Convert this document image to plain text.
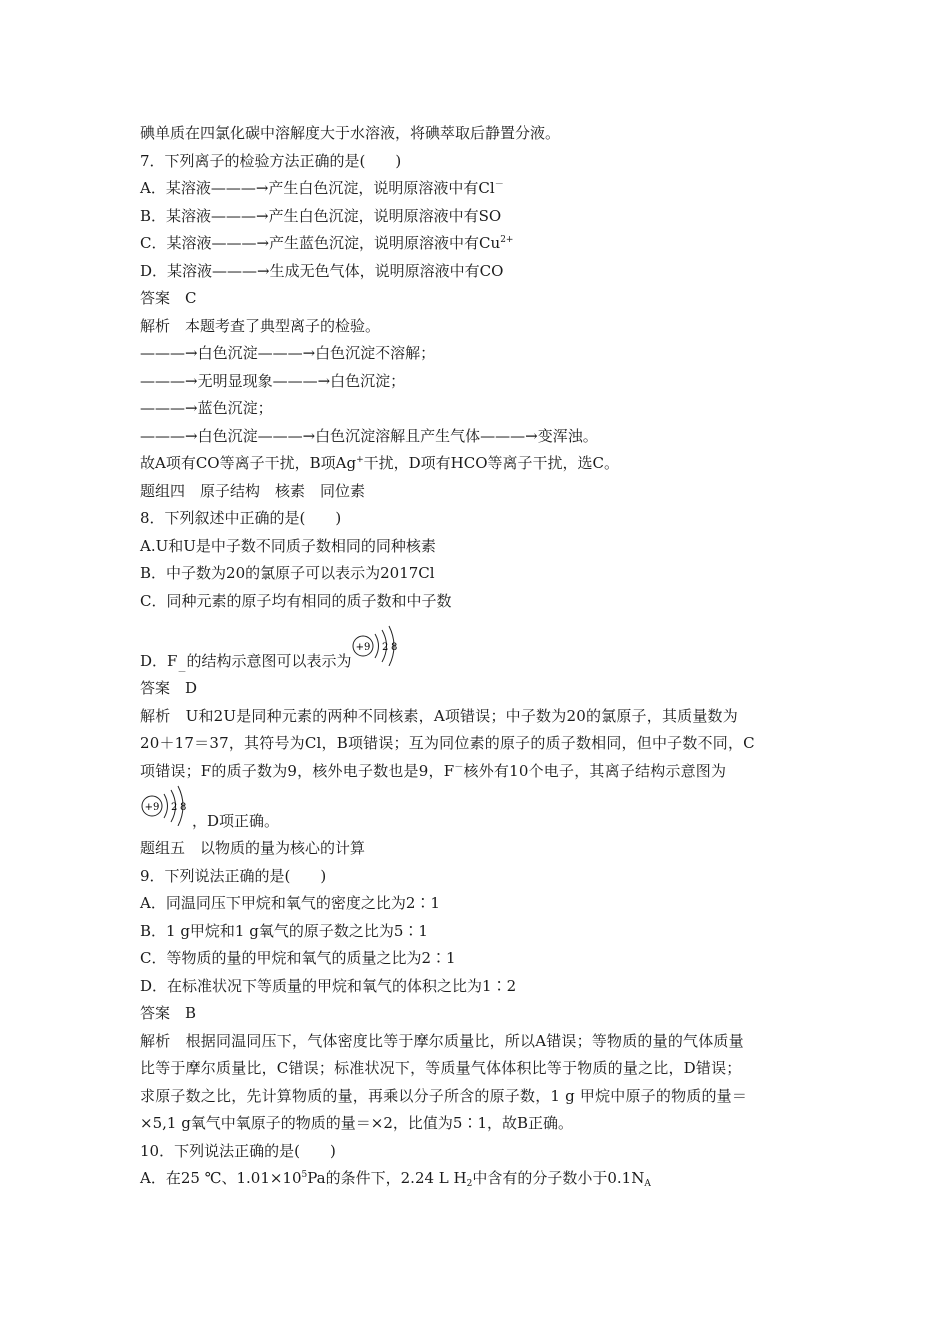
碘单质在四氯化碳中溶解度大于水溶液，将碘萃取后静置分液。
7．下列离子的检验方法正确的是(　　)
A．某溶液———→产生白色沉淀，说明原溶液中有Cl－
B．某溶液———→产生白色沉淀，说明原溶液中有SO
C．某溶液———→产生蓝色沉淀，说明原溶液中有$Cu^{2+}$
D．某溶液———→生成无色气体，说明原溶液中有CO
答案　C
解析　本题考查了典型离子的检验。
———→白色沉淀———→白色沉淀不溶解；
———→无明显现象———→白色沉淀；
———→蓝色沉淀；
———→白色沉淀———→白色沉淀溶解且产生气体———→变浑浊。
故A项有CO等离子干扰，B项Ag+干扰，D项有HCO等离子干扰，选C。
题组四　原子结构　核素　同位素
8．下列叙述中正确的是(　　)
A.U和U是中子数不同质子数相同的同种核素
B．中子数为20的氯原子可以表示为2017Cl
C．同种元素的原子均有相同的质子数和中子数
D．F
－
的结构示意图可以表示为
+9 2 8
答案　D
解析　U和2U是同种元素的两种不同核素，A项错误；中子数为20的氯原子，其质量数为
20＋17＝37，其符号为Cl，B项错误；互为同位素的原子的质子数相同，但中子数不同，C
项错误；F的质子数为9，核外电子数也是9，F－核外有10个电子，其离子结构示意图为
+9 2 8
，D项正确。
题组五　以物质的量为核心的计算
9．下列说法正确的是(　　)
A．同温同压下甲烷和氧气的密度之比为2∶1
B．1 g甲烷和1 g氧气的原子数之比为5∶1
C．等物质的量的甲烷和氧气的质量之比为2∶1
D．在标准状况下等质量的甲烷和氧气的体积之比为1∶2
答案　B
解析　根据同温同压下，气体密度比等于摩尔质量比，所以A错误；等物质的量的气体质量
比等于摩尔质量比，C错误；标准状况下，等质量气体体积比等于物质的量之比，D错误；
求原子数之比，先计算物质的量，再乘以分子所含的原子数，1 g 甲烷中原子的物质的量＝
×5,1 g氧气中氧原子的物质的量＝×2，比值为5∶1，故B正确。
10．下列说法正确的是(　　)
A．在25 ℃、$1.01\times 10^5Pa$的条件下，2.24 L $H_2$中含有的分子数小于$0.1N_A$
